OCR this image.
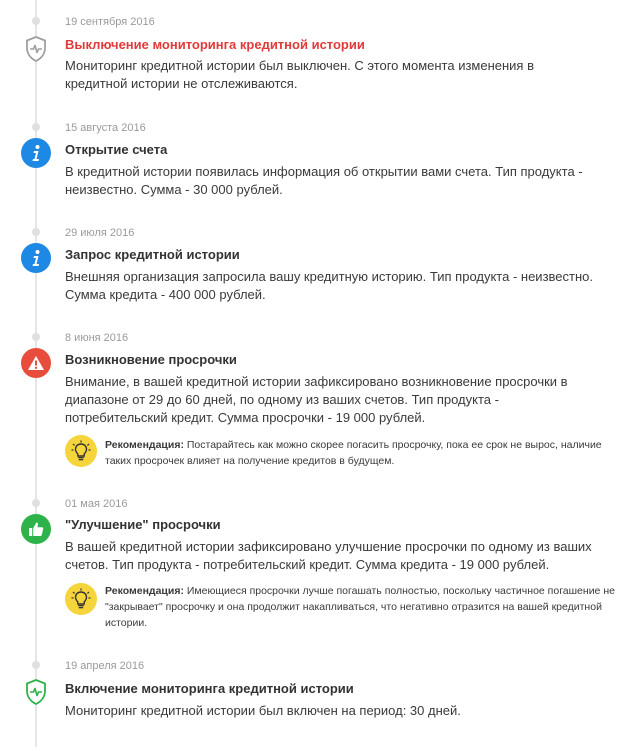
19 сентября 2016
Выключение мониторинга кредитной истории
Мониторинг кредитной истории был выключен. С этого момента изменения в кредитной истории не отслеживаются.
15 августа 2016
Открытие счета
В кредитной истории появилась информация об открытии вами счета. Тип продукта - неизвестно. Сумма - 30 000 рублей.
29 июля 2016
Запрос кредитной истории
Внешняя организация запросила вашу кредитную историю. Тип продукта - неизвестно. Сумма кредита - 400 000 рублей.
8 июня 2016
Возникновение просрочки
Внимание, в вашей кредитной истории зафиксировано возникновение просрочки в диапазоне от 29 до 60 дней, по одному из ваших счетов. Тип продукта - потребительский кредит. Сумма просрочки - 19 000 рублей.
Рекомендация: Постарайтесь как можно скорее погасить просрочку, пока ее срок не вырос, наличие таких просрочек влияет на получение кредитов в будущем.
01 мая 2016
"Улучшение" просрочки
В вашей кредитной истории зафиксировано улучшение просрочки по одному из ваших счетов. Тип продукта - потребительский кредит. Сумма кредита - 19 000 рублей.
Рекомендация: Имеющиеся просрочки лучше погашать полностью, поскольку частичное погашение не "закрывает" просрочку и она продолжит накапливаться, что негативно отразится на вашей кредитной истории.
19 апреля 2016
Включение мониторинга кредитной истории
Мониторинг кредитной истории был включен на период: 30 дней.
